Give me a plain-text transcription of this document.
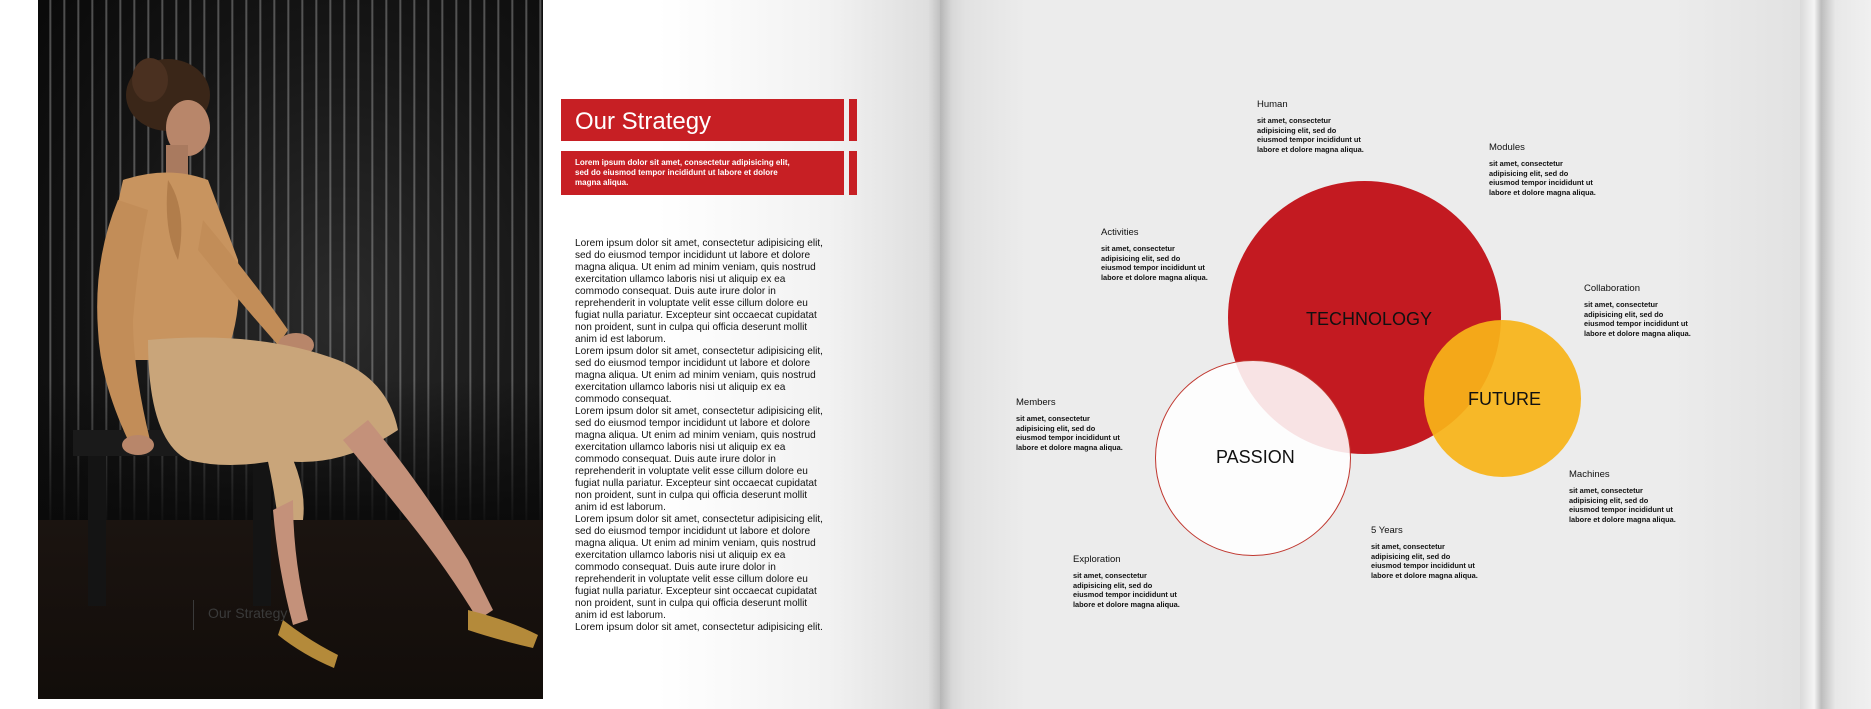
Our Strategy
Our Strategy
Lorem ipsum dolor sit amet, consectetur adipisicing elit, sed do eiusmod tempor incididunt ut labore et dolore magna aliqua.

Lorem ipsum dolor sit amet, consectetur adipisicing elit, sed do eiusmod tempor incididunt ut labore et dolore magna aliqua. Ut enim ad minim veniam, quis nostrud exercitation ullamco laboris nisi ut aliquip ex ea commodo consequat. Duis aute irure dolor in reprehenderit in voluptate velit esse cillum dolore eu fugiat nulla pariatur. Excepteur sint occaecat cupidatat non proident, sunt in culpa qui officia deserunt mollit anim id est laborum.

Lorem ipsum dolor sit amet, consectetur adipisicing elit, sed do eiusmod tempor incididunt ut labore et dolore magna aliqua. Ut enim ad minim veniam, quis nostrud exercitation ullamco laboris nisi ut aliquip ex ea commodo consequat.

Lorem ipsum dolor sit amet, consectetur adipisicing elit, sed do eiusmod tempor incididunt ut labore et dolore magna aliqua. Ut enim ad minim veniam, quis nostrud exercitation ullamco laboris nisi ut aliquip ex ea commodo consequat. Duis aute irure dolor in reprehenderit in voluptate velit esse cillum dolore eu fugiat nulla pariatur. Excepteur sint occaecat cupidatat non proident, sunt in culpa qui officia deserunt mollit anim id est laborum.

Lorem ipsum dolor sit amet, consectetur adipisicing elit, sed do eiusmod tempor incididunt ut labore et dolore magna aliqua. Ut enim ad minim veniam, quis nostrud exercitation ullamco laboris nisi ut aliquip ex ea commodo consequat. Duis aute irure dolor in reprehenderit in voluptate velit esse cillum dolore eu fugiat nulla pariatur. Excepteur sint occaecat cupidatat non proident, sunt in culpa qui officia deserunt mollit anim id est laborum.

Lorem ipsum dolor sit amet, consectetur adipisicing elit.

TECHNOLOGY
FUTURE
PASSION
Human
sit amet, consectetur adipisicing elit, sed do eiusmod tempor incididunt ut labore et dolore magna aliqua.	Modules
sit amet, consectetur adipisicing elit, sed do eiusmod tempor incididunt ut labore et dolore magna aliqua.
Activities
sit amet, consectetur adipisicing elit, sed do eiusmod tempor incididunt ut labore et dolore magna aliqua.
Collaboration
sit amet, consectetur adipisicing elit, sed do eiusmod tempor incididunt ut labore et dolore magna aliqua.
Members
sit amet, consectetur adipisicing elit, sed do eiusmod tempor incididunt ut labore et dolore magna aliqua.
Machines
sit amet, consectetur adipisicing elit, sed do eiusmod tempor incididunt ut labore et dolore magna aliqua.
5 Years
sit amet, consectetur adipisicing elit, sed do eiusmod tempor incididunt ut labore et dolore magna aliqua.
Exploration
sit amet, consectetur adipisicing elit, sed do eiusmod tempor incididunt ut labore et dolore magna aliqua.
